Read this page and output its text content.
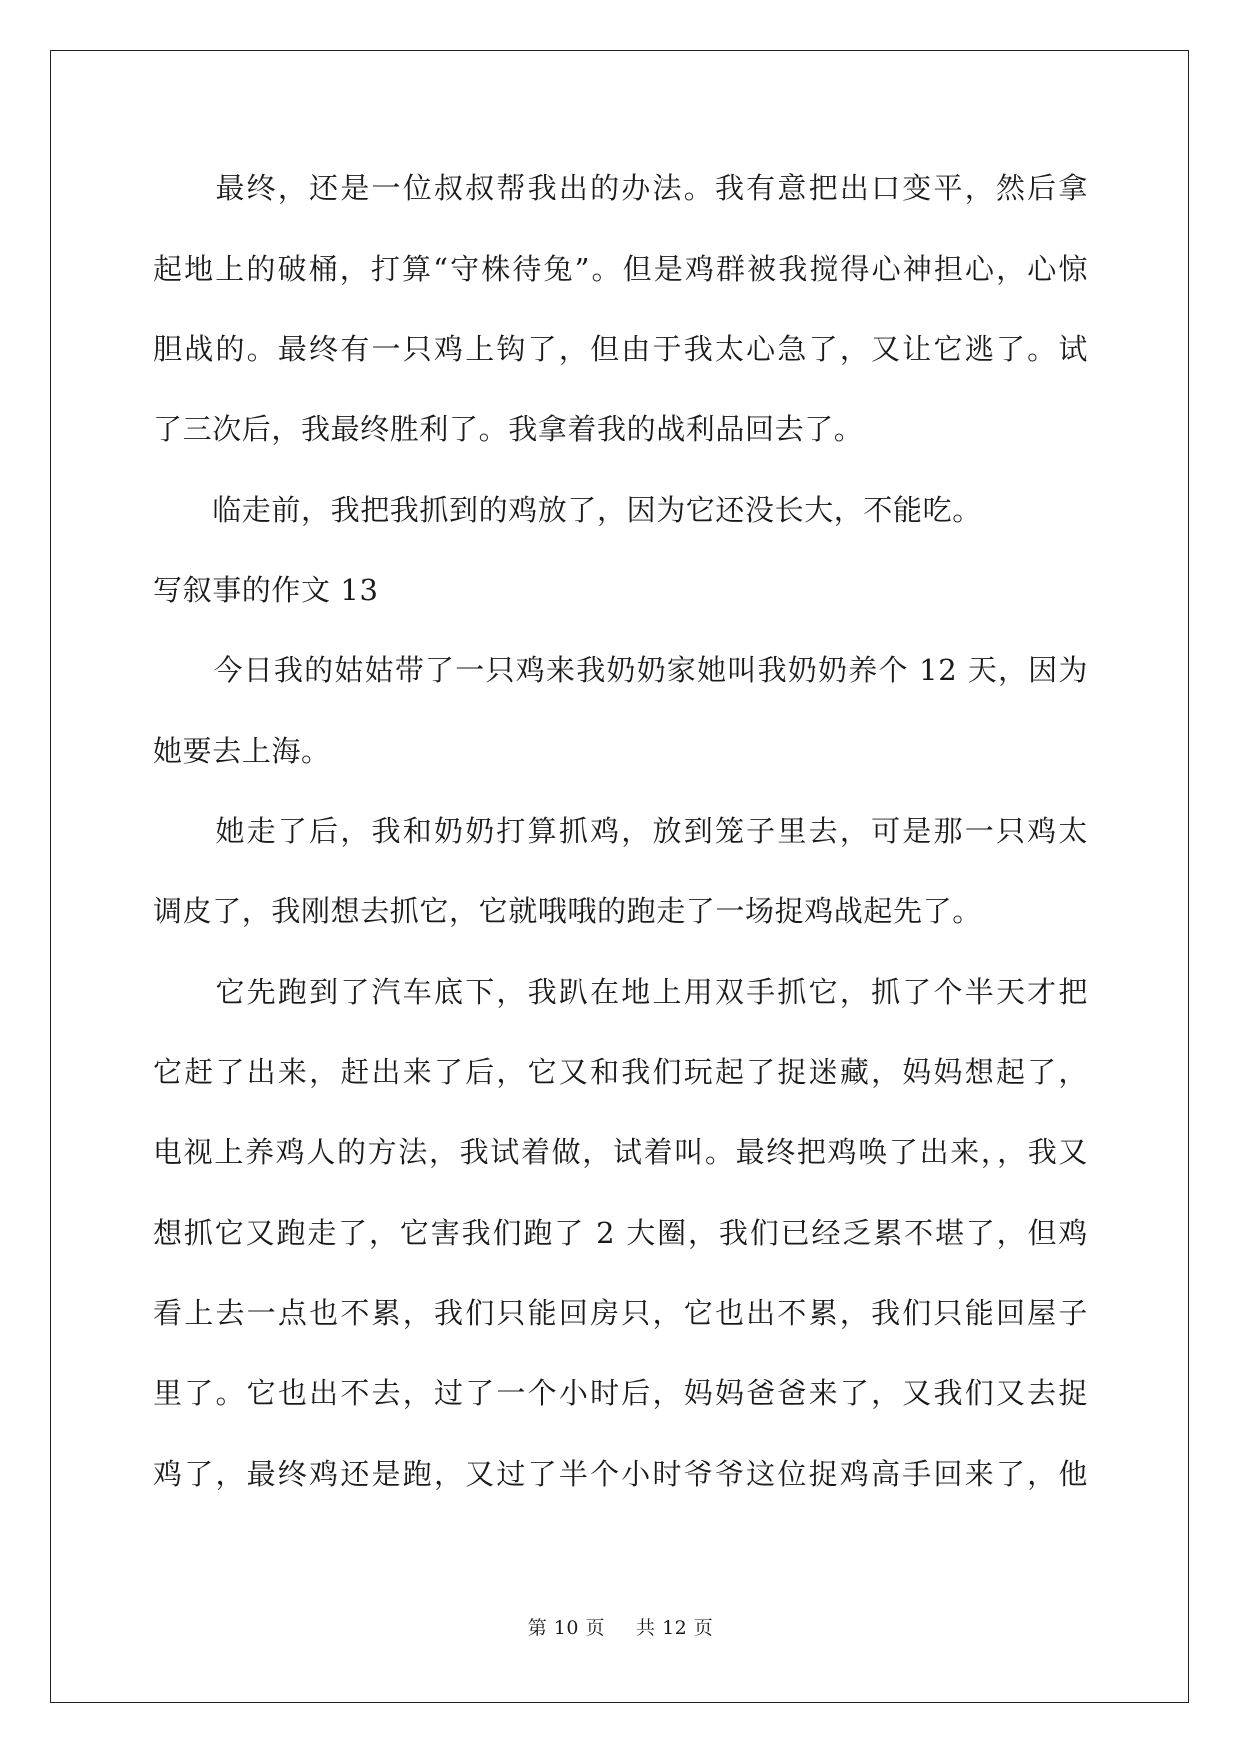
　　最终，还是一位叔叔帮我出的办法。我有意把出口变平，然后拿
起地上的破桶，打算“守株待兔”。但是鸡群被我搅得心神担心，心惊
胆战的。最终有一只鸡上钩了，但由于我太心急了，又让它逃了。试
了三次后，我最终胜利了。我拿着我的战利品回去了。
　　临走前，我把我抓到的鸡放了，因为它还没长大，不能吃。
写叙事的作文 13
　　今日我的姑姑带了一只鸡来我奶奶家她叫我奶奶养个 12 天，因为
她要去上海。
　　她走了后，我和奶奶打算抓鸡，放到笼子里去，可是那一只鸡太
调皮了，我刚想去抓它，它就哦哦的跑走了一场捉鸡战起先了。
　　它先跑到了汽车底下，我趴在地上用双手抓它，抓了个半天才把
它赶了出来，赶出来了后，它又和我们玩起了捉迷藏，妈妈想起了，
电视上养鸡人的方法，我试着做，试着叫。最终把鸡唤了出来，，我又
想抓它又跑走了，它害我们跑了 2 大圈，我们已经乏累不堪了，但鸡
看上去一点也不累，我们只能回房只，它也出不累，我们只能回屋子
里了。它也出不去，过了一个小时后，妈妈爸爸来了，又我们又去捉
鸡了，最终鸡还是跑，又过了半个小时爷爷这位捉鸡高手回来了，他
第 10 页 共 12 页
